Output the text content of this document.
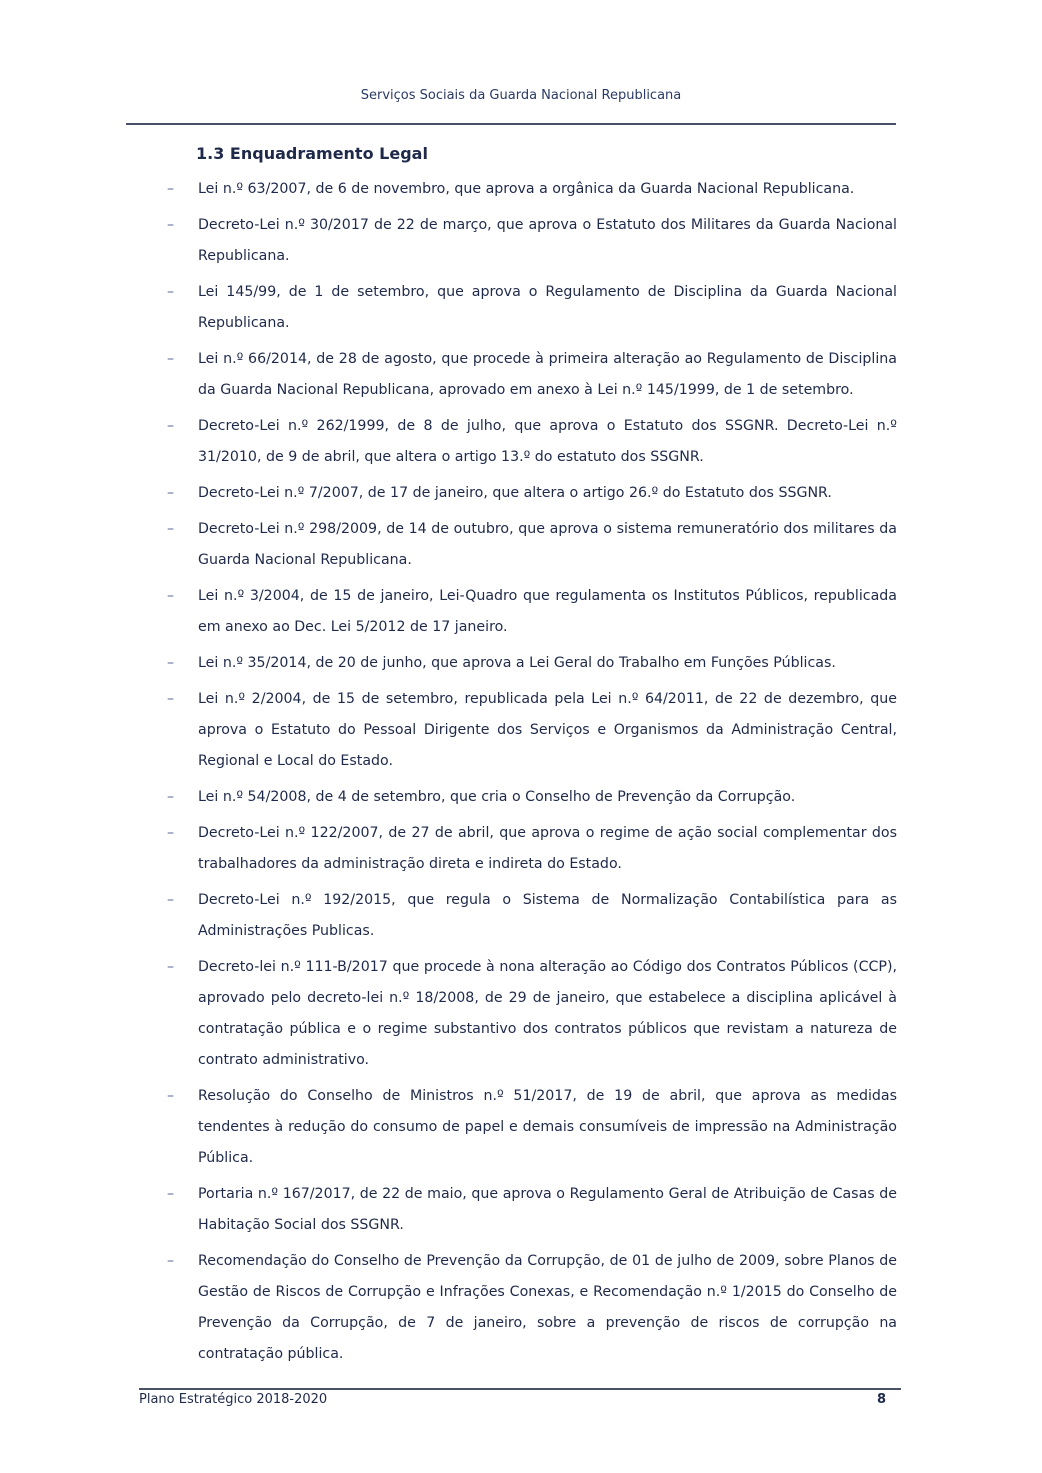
Serviços Sociais da Guarda Nacional Republicana
1.3 Enquadramento Legal
–	Lei n.º 63/2007, de 6 de novembro, que aprova a orgânica da Guarda Nacional Republicana.
–	Decreto-Lei n.º 30/2017 de 22 de março, que aprova o Estatuto dos Militares da Guarda Nacional Republicana.
–	Lei 145/99, de 1 de setembro, que aprova o Regulamento de Disciplina da Guarda Nacional Republicana.
–	Lei n.º 66/2014, de 28 de agosto, que procede à primeira alteração ao Regulamento de Disciplina da Guarda Nacional Republicana, aprovado em anexo à Lei n.º 145/1999, de 1 de setembro.
–	Decreto-Lei n.º 262/1999, de 8 de julho, que aprova o Estatuto dos SSGNR. Decreto-Lei n.º 31/2010, de 9 de abril, que altera o artigo 13.º do estatuto dos SSGNR.
–	Decreto-Lei n.º 7/2007, de 17 de janeiro, que altera o artigo 26.º do Estatuto dos SSGNR.
–	Decreto-Lei n.º 298/2009, de 14 de outubro, que aprova o sistema remuneratório dos militares da Guarda Nacional Republicana.
–	Lei n.º 3/2004, de 15 de janeiro, Lei-Quadro que regulamenta os Institutos Públicos, republicada em anexo ao Dec. Lei 5/2012 de 17 janeiro.
–	Lei n.º 35/2014, de 20 de junho, que aprova a Lei Geral do Trabalho em Funções Públicas.
–	Lei n.º 2/2004, de 15 de setembro, republicada pela Lei n.º 64/2011, de 22 de dezembro, que aprova o Estatuto do Pessoal Dirigente dos Serviços e Organismos da Administração Central, Regional e Local do Estado.
–	Lei n.º 54/2008, de 4 de setembro, que cria o Conselho de Prevenção da Corrupção.
–	Decreto-Lei n.º 122/2007, de 27 de abril, que aprova o regime de ação social complementar dos trabalhadores da administração direta e indireta do Estado.
–	Decreto-Lei n.º 192/2015, que regula o Sistema de Normalização Contabilística para as Administrações Publicas.
–	Decreto-lei n.º 111-B/2017 que procede à nona alteração ao Código dos Contratos Públicos (CCP), aprovado pelo decreto-lei n.º 18/2008, de 29 de janeiro, que estabelece a disciplina aplicável à contratação pública e o regime substantivo dos contratos públicos que revistam a natureza de contrato administrativo.
–	Resolução do Conselho de Ministros n.º 51/2017, de 19 de abril, que aprova as medidas tendentes à redução do consumo de papel e demais consumíveis de impressão na Administração Pública.
–	Portaria n.º 167/2017, de 22 de maio, que aprova o Regulamento Geral de Atribuição de Casas de Habitação Social dos SSGNR.
–	Recomendação do Conselho de Prevenção da Corrupção, de 01 de julho de 2009, sobre Planos de Gestão de Riscos de Corrupção e Infrações Conexas, e Recomendação n.º 1/2015 do Conselho de Prevenção da Corrupção, de 7 de janeiro, sobre a prevenção de riscos de corrupção na contratação pública.
Plano Estratégico 2018-2020	8
